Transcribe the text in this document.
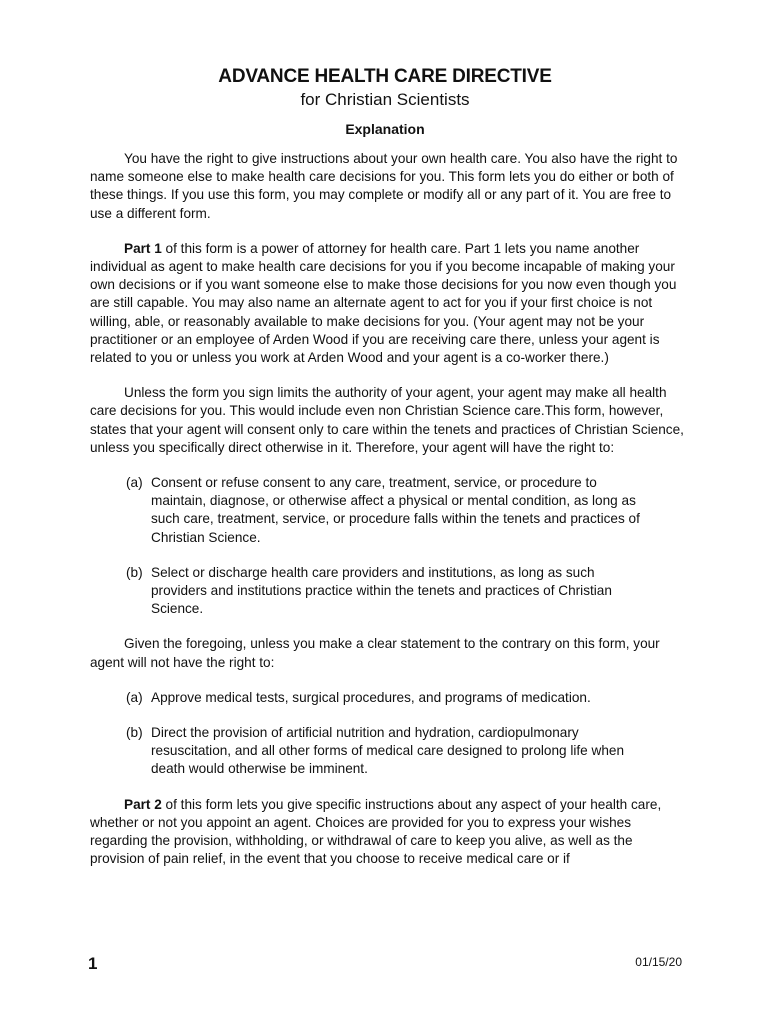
ADVANCE HEALTH CARE DIRECTIVE
for Christian Scientists
Explanation

You have the right to give instructions about your own health care. You also have the right to name someone else to make health care decisions for you. This form lets you do either or both of these things. If you use this form, you may complete or modify all or any part of it. You are free to use a different form.

Part 1 of this form is a power of attorney for health care. Part 1 lets you name another individual as agent to make health care decisions for you if you become incapable of making your own decisions or if you want someone else to make those decisions for you now even though you are still capable. You may also name an alternate agent to act for you if your first choice is not willing, able, or reasonably available to make decisions for you. (Your agent may not be your practitioner or an employee of Arden Wood if you are receiving care there, unless your agent is related to you or unless you work at Arden Wood and your agent is a co-worker there.)

Unless the form you sign limits the authority of your agent, your agent may make all health care decisions for you. This would include even non Christian Science care.This form, however, states that your agent will consent only to care within the tenets and practices of Christian Science, unless you specifically direct otherwise in it. Therefore, your agent will have the right to:

(a) Consent or refuse consent to any care, treatment, service, or procedure to maintain, diagnose, or otherwise affect a physical or mental condition, as long as such care, treatment, service, or procedure falls within the tenets and practices of Christian Science.
(b) Select or discharge health care providers and institutions, as long as such providers and institutions practice within the tenets and practices of Christian Science.

Given the foregoing, unless you make a clear statement to the contrary on this form, your agent will not have the right to:

(a) Approve medical tests, surgical procedures, and programs of medication.
(b) Direct the provision of artificial nutrition and hydration, cardiopulmonary resuscitation, and all other forms of medical care designed to prolong life when death would otherwise be imminent.

Part 2 of this form lets you give specific instructions about any aspect of your health care, whether or not you appoint an agent. Choices are provided for you to express your wishes regarding the provision, withholding, or withdrawal of care to keep you alive, as well as the provision of pain relief, in the event that you choose to receive medical care or if

1	01/15/20
